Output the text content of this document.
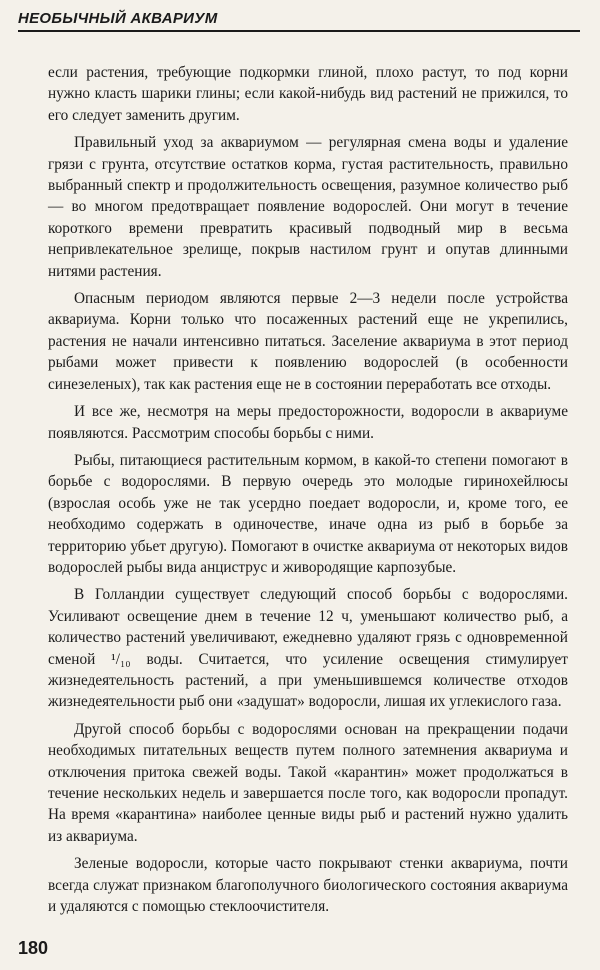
НЕОБЫЧНЫЙ АКВАРИУМ

если растения, требующие подкормки глиной, плохо растут, то под корни нужно класть шарики глины; если какой-нибудь вид растений не прижился, то его следует заменить другим.

Правильный уход за аквариумом — регулярная смена воды и удаление грязи с грунта, отсутствие остатков корма, густая растительность, правильно выбранный спектр и продолжительность освещения, разумное количество рыб — во многом предотвращает появление водорослей. Они могут в течение короткого времени превратить красивый подводный мир в весьма непривлекательное зрелище, покрыв настилом грунт и опутав длинными нитями растения.

Опасным периодом являются первые 2—3 недели после устройства аквариума. Корни только что посаженных растений еще не укрепились, растения не начали интенсивно питаться. Заселение аквариума в этот период рыбами может привести к появлению водорослей (в особенности синезеленых), так как растения еще не в состоянии переработать все отходы.

И все же, несмотря на меры предосторожности, водоросли в аквариуме появляются. Рассмотрим способы борьбы с ними.

Рыбы, питающиеся растительным кормом, в какой-то степени помогают в борьбе с водорослями. В первую очередь это молодые гиринохейлюсы (взрослая особь уже не так усердно поедает водоросли, и, кроме того, ее необходимо содержать в одиночестве, иначе одна из рыб в борьбе за территорию убьет другую). Помогают в очистке аквариума от некоторых видов водорослей рыбы вида анциструс и живородящие карпозубые.

В Голландии существует следующий способ борьбы с водорослями. Усиливают освещение днем в течение 12 ч, уменьшают количество рыб, а количество растений увеличивают, ежедневно удаляют грязь с одновременной сменой ¹/₁₀ воды. Считается, что усиление освещения стимулирует жизнедеятельность растений, а при уменьшившемся количестве отходов жизнедеятельности рыб они «задушат» водоросли, лишая их углекислого газа.

Другой способ борьбы с водорослями основан на прекращении подачи необходимых питательных веществ путем полного затемнения аквариума и отключения притока свежей воды. Такой «карантин» может продолжаться в течение нескольких недель и завершается после того, как водоросли пропадут. На время «карантина» наиболее ценные виды рыб и растений нужно удалить из аквариума.

Зеленые водоросли, которые часто покрывают стенки аквариума, почти всегда служат признаком благополучного биологического состояния аквариума и удаляются с помощью стеклоочистителя.

180
